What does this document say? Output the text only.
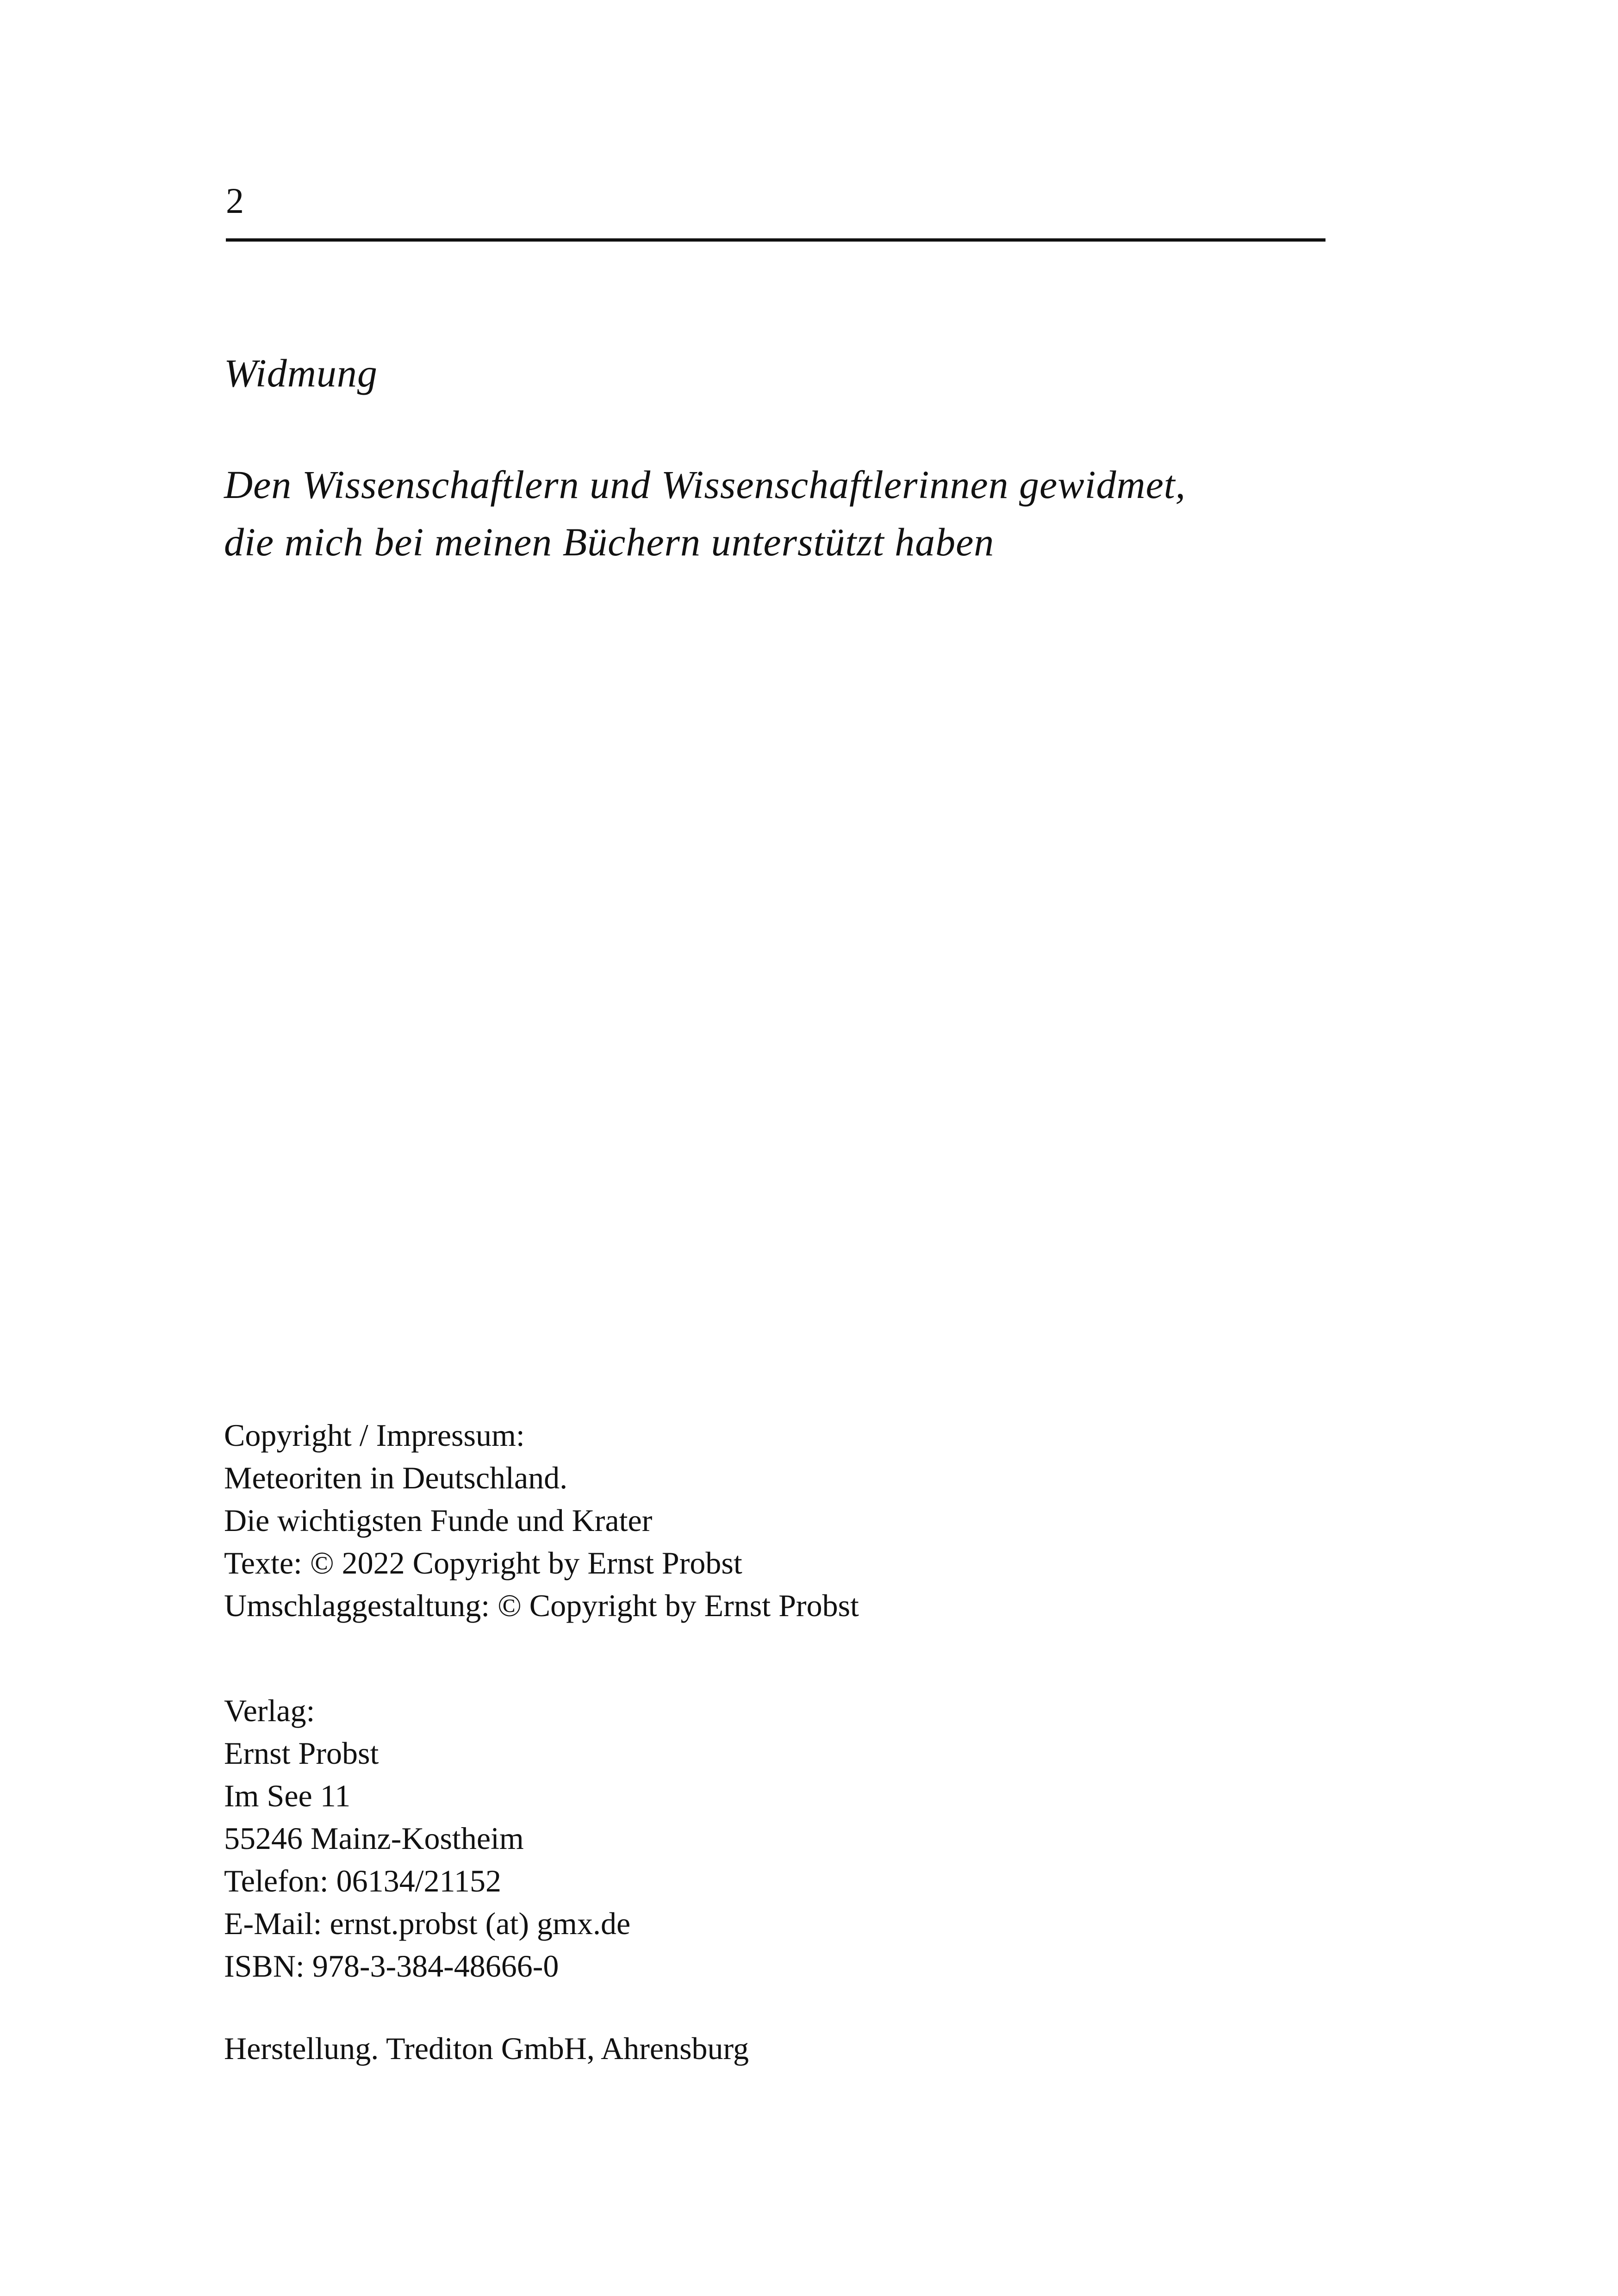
2
Widmung
Den Wissenschaftlern und Wissenschaftlerinnen gewidmet,
die mich bei meinen Büchern unterstützt haben
Copyright / Impressum:
Meteoriten in Deutschland.
Die wichtigsten Funde und Krater
Texte: © 2022 Copyright by Ernst Probst
Umschlaggestaltung: © Copyright by Ernst Probst
Verlag:
Ernst Probst
Im See 11
55246 Mainz-Kostheim
Telefon: 06134/21152
E-Mail: ernst.probst (at) gmx.de
ISBN: 978-3-384-48666-0
Herstellung. Trediton GmbH, Ahrensburg
